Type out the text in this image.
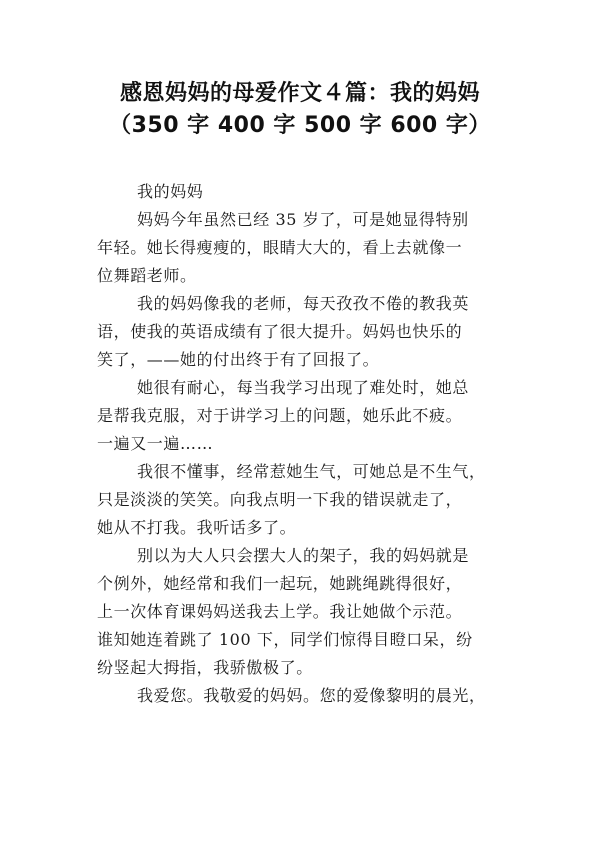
感恩妈妈的母爱作文４篇：我的妈妈
（350 字 400 字 500 字 600 字）
我的妈妈
妈妈今年虽然已经 35 岁了，可是她显得特别
年轻。她长得瘦瘦的，眼睛大大的，看上去就像一
位舞蹈老师。
我的妈妈像我的老师，每天孜孜不倦的教我英
语，使我的英语成绩有了很大提升。妈妈也快乐的
笑了，——她的付出终于有了回报了。
她很有耐心，每当我学习出现了难处时，她总
是帮我克服，对于讲学习上的问题，她乐此不疲。
一遍又一遍……
我很不懂事，经常惹她生气，可她总是不生气，
只是淡淡的笑笑。向我点明一下我的错误就走了，
她从不打我。我听话多了。
别以为大人只会摆大人的架子，我的妈妈就是
个例外，她经常和我们一起玩，她跳绳跳得很好，
上一次体育课妈妈送我去上学。我让她做个示范。
谁知她连着跳了 100 下，同学们惊得目瞪口呆，纷
纷竖起大拇指，我骄傲极了。
我爱您。我敬爱的妈妈。您的爱像黎明的晨光，
